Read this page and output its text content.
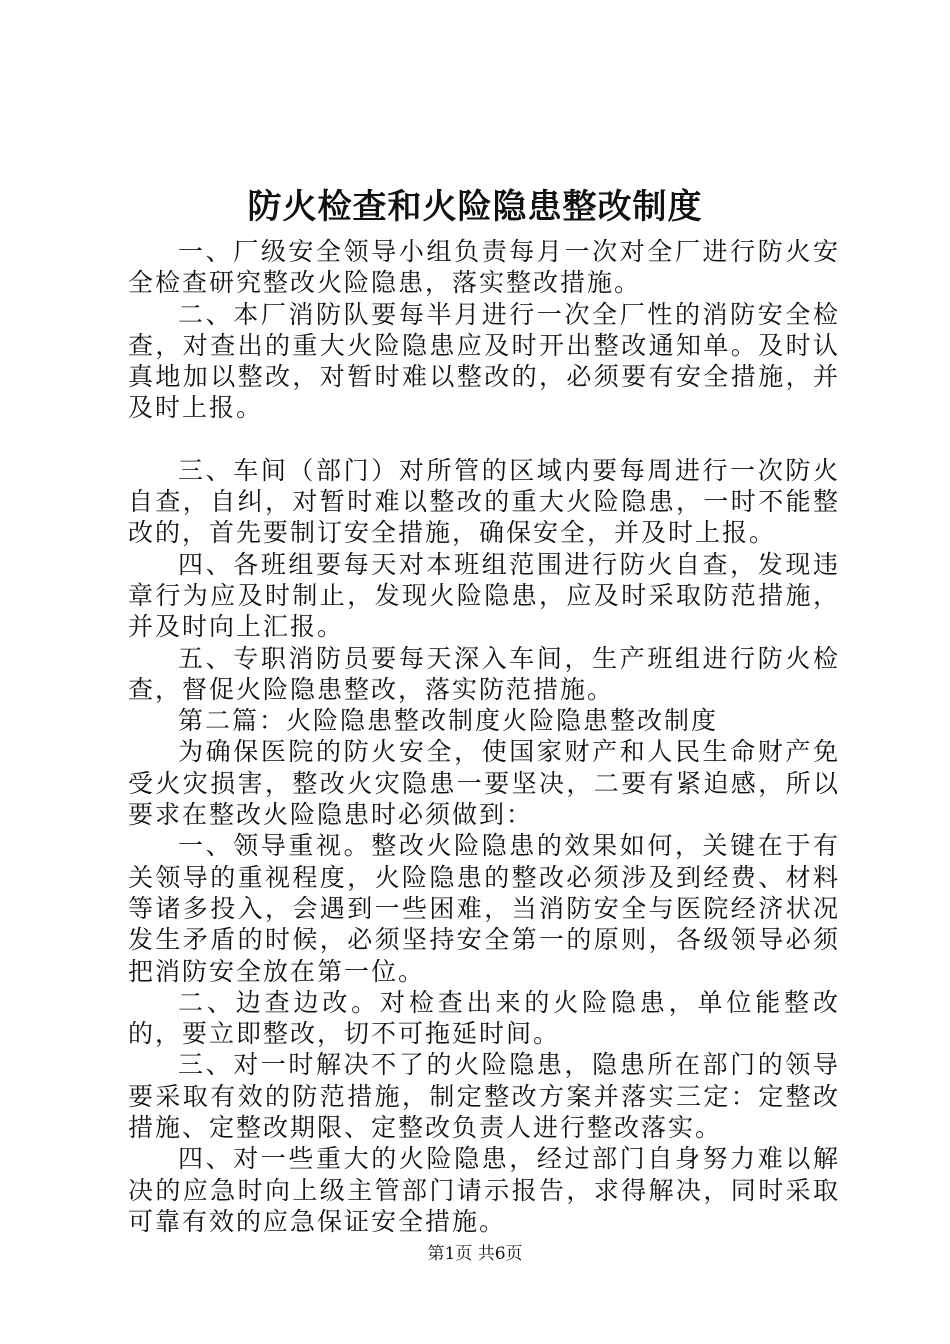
防火检查和火险隐患整改制度

一、厂级安全领导小组负责每月一次对全厂进行防火安全检查研究整改火险隐患，落实整改措施。

二、本厂消防队要每半月进行一次全厂性的消防安全检查，对查出的重大火险隐患应及时开出整改通知单。及时认真地加以整改，对暂时难以整改的，必须要有安全措施，并及时上报。

三、车间（部门）对所管的区域内要每周进行一次防火自查，自纠，对暂时难以整改的重大火险隐患，一时不能整改的，首先要制订安全措施，确保安全，并及时上报。

四、各班组要每天对本班组范围进行防火自查，发现违章行为应及时制止，发现火险隐患，应及时采取防范措施，并及时向上汇报。

五、专职消防员要每天深入车间，生产班组进行防火检查，督促火险隐患整改，落实防范措施。

第二篇：火险隐患整改制度火险隐患整改制度

为确保医院的防火安全，使国家财产和人民生命财产免受火灾损害，整改火灾隐患一要坚决，二要有紧迫感，所以要求在整改火险隐患时必须做到：

一、领导重视。整改火险隐患的效果如何，关键在于有关领导的重视程度，火险隐患的整改必须涉及到经费、材料等诸多投入，会遇到一些困难，当消防安全与医院经济状况发生矛盾的时候，必须坚持安全第一的原则，各级领导必须把消防安全放在第一位。

二、边查边改。对检查出来的火险隐患，单位能整改的，要立即整改，切不可拖延时间。

三、对一时解决不了的火险隐患，隐患所在部门的领导要采取有效的防范措施，制定整改方案并落实三定：定整改措施、定整改期限、定整改负责人进行整改落实。

四、对一些重大的火险隐患，经过部门自身努力难以解决的应急时向上级主管部门请示报告，求得解决，同时采取可靠有效的应急保证安全措施。

第1页 共6页
